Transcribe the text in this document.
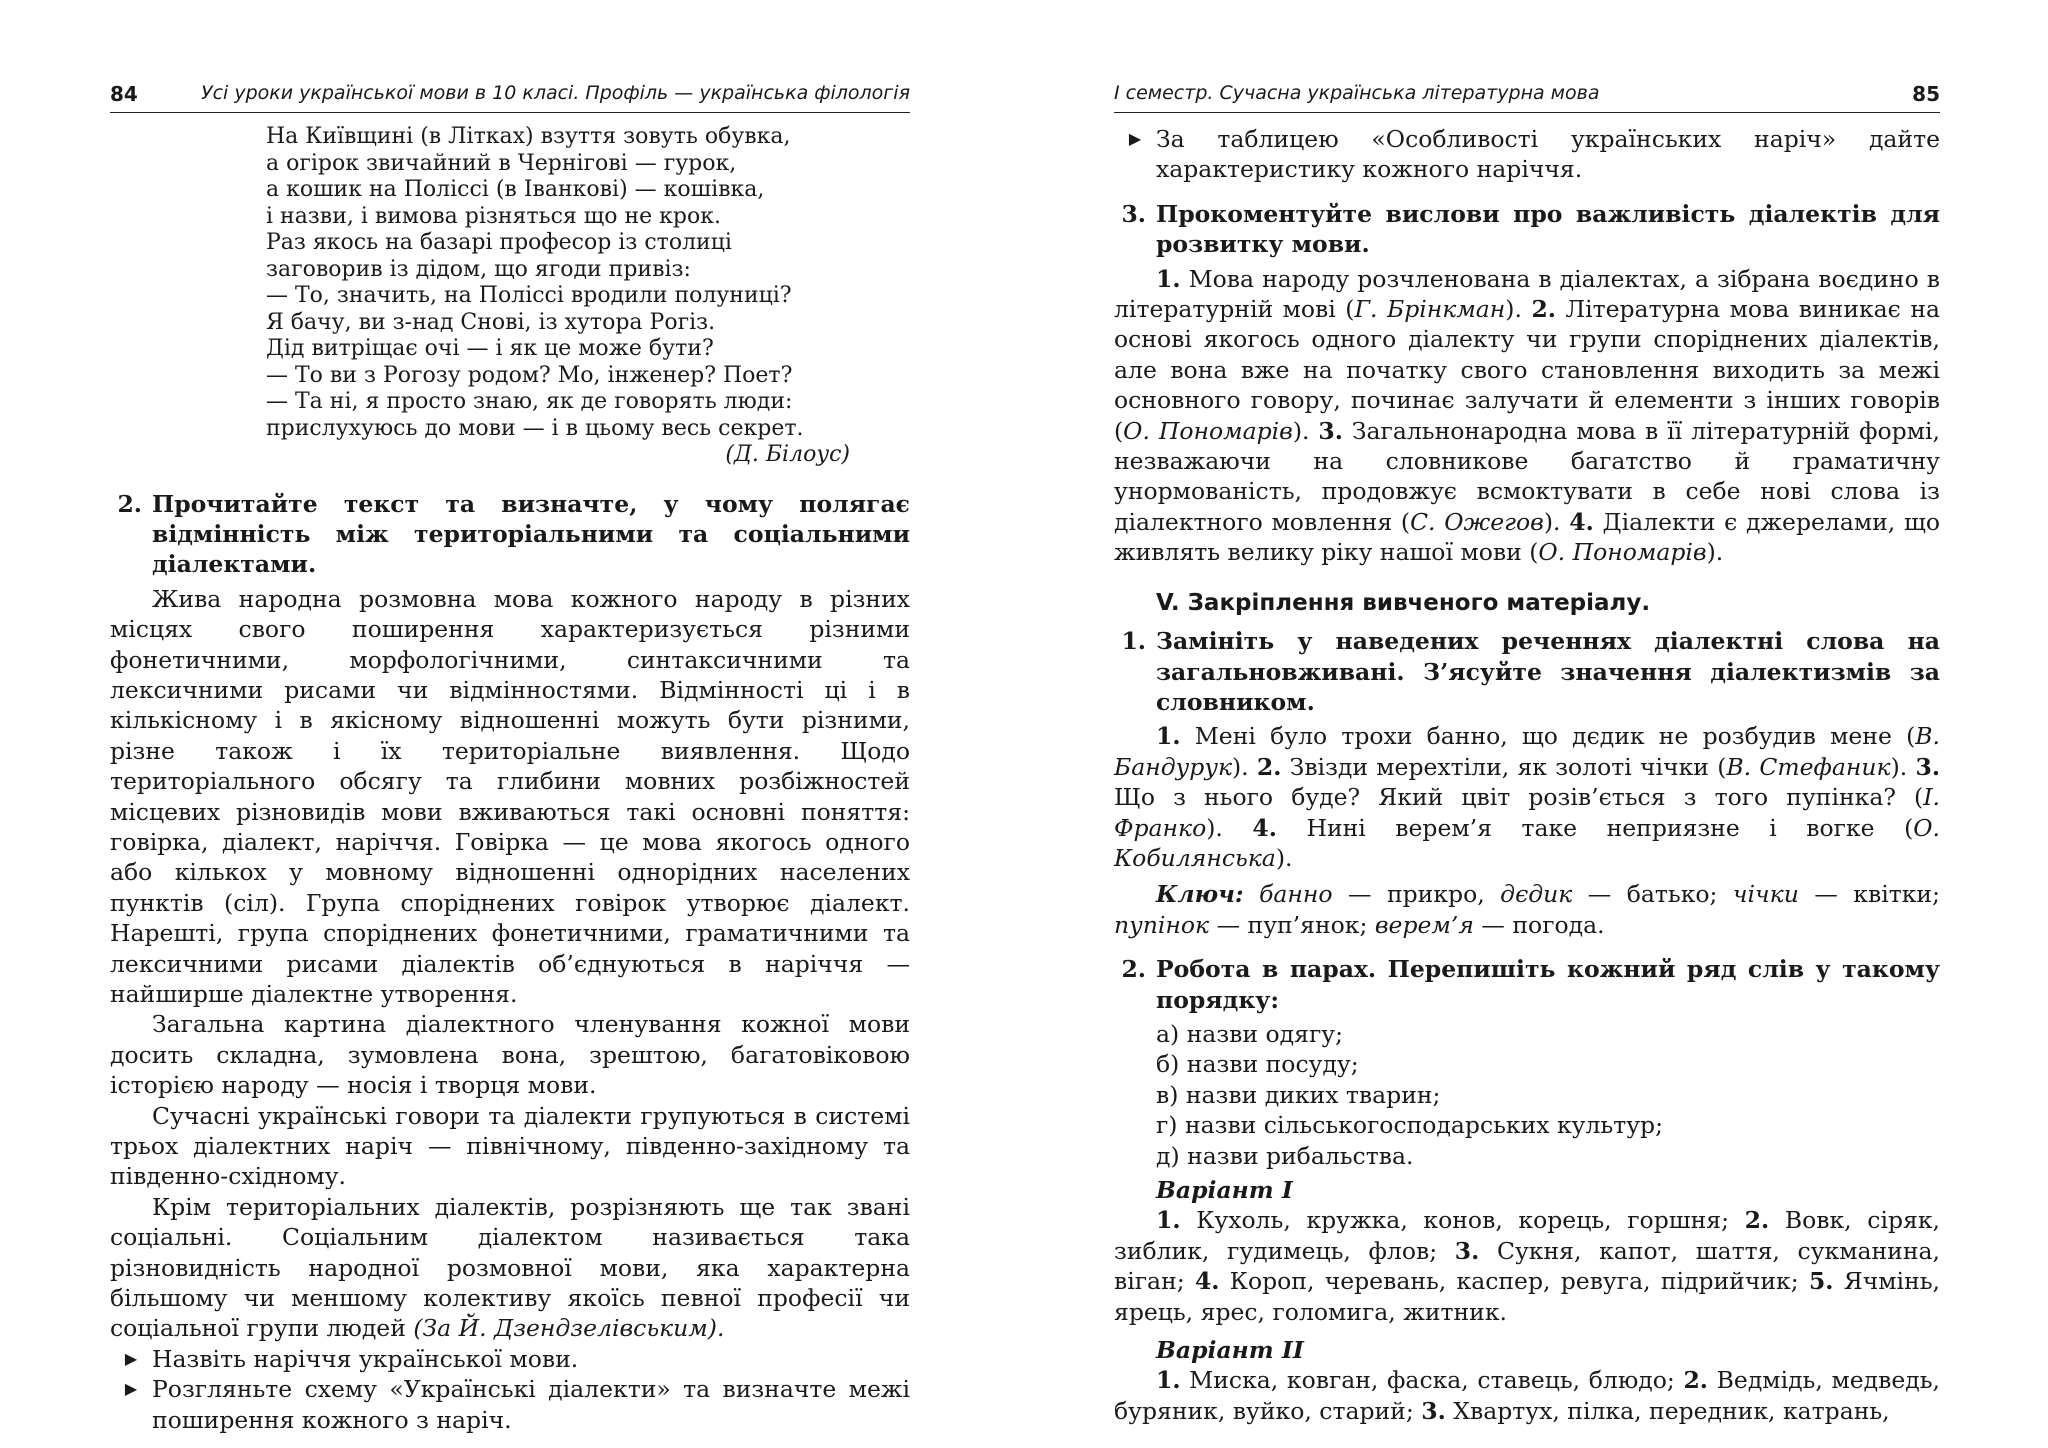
84	Усі уроки української мови в 10 класі. Профіль — українська філологія
На Київщині (в Літках) взуття зовуть обувка,
а огірок звичайний в Чернігові — гурок,
а кошик на Поліссі (в Іванкові) — кошівка,
і назви, і вимова різняться що не крок.
Раз якось на базарі професор із столиці
заговорив із дідом, що ягоди привіз:
— То, значить, на Поліссі вродили полуниці?
Я бачу, ви з-над Снові, із хутора Рогіз.
Дід витріщає очі — і як це може бути?
— То ви з Рогозу родом? Мо, інженер? Поет?
— Та ні, я просто знаю, як де говорять люди:
прислухуюсь до мови — і в цьому весь секрет.
(Д. Білоус)
2. Прочитайте текст та визначте, у чому полягає відмінність між територіальними та соціальними діалектами.

Жива народна розмовна мова кожного народу в різних місцях свого поширення характеризується різними фонетичними, морфологічними, синтаксичними та лексичними рисами чи відмінностями. Відмінності ці і в кількісному і в якісному відношенні можуть бути різними, різне також і їх територіальне виявлення. Щодо територіального обсягу та глибини мовних розбіжностей місцевих різновидів мови вживаються такі основні поняття: говірка, діалект, наріччя. Говірка — це мова якогось одного або кількох у мовному відношенні однорідних населених пунктів (сіл). Група споріднених говірок утворює діалект. Нарешті, група споріднених фонетичними, граматичними та лексичними рисами діалектів об’єднуються в наріччя — найширше діалектне утворення.

Загальна картина діалектного членування кожної мови досить складна, зумовлена вона, зрештою, багатовіковою історією народу — носія і творця мови.

Сучасні українські говори та діалекти групуються в системі трьох діалектних наріч — північному, південно-західному та південно-східному.

Крім територіальних діалектів, розрізняють ще так звані соціальні. Соціальним діалектом називається така різновидність народної розмовної мови, яка характерна більшому чи меншому колективу якоїсь певної професії чи соціальної групи людей (За Й. Дзендзелівським).

▶ Назвіть наріччя української мови.
▶ Розгляньте схему «Українські діалекти» та визначте межі поширення кожного з наріч.
І семестр. Сучасна українська літературна мова	85
▶ За таблицею «Особливості українських наріч» дайте характеристику кожного наріччя.
3. Прокоментуйте вислови про важливість діалектів для розвитку мови.

1. Мова народу розчленована в діалектах, а зібрана воєдино в літературній мові (Г. Брінкман). 2. Літературна мова виникає на основі якогось одного діалекту чи групи споріднених діалектів, але вона вже на початку свого становлення виходить за межі основного говору, починає залучати й елементи з інших говорів (О. Пономарів). 3. Загальнонародна мова в її літературній формі, незважаючи на словникове багатство й граматичну унормованість, продовжує всмоктувати в себе нові слова із діалектного мовлення (С. Ожегов). 4. Діалекти є джерелами, що живлять велику ріку нашої мови (О. Пономарів).

V. Закріплення вивченого матеріалу.
1. Замініть у наведених реченнях діалектні слова на загальновживані. З’ясуйте значення діалектизмів за словником.

1. Мені було трохи банно, що дєдик не розбудив мене (В. Бандурук). 2. Звізди мерехтіли, як золоті чічки (В. Стефаник). 3. Що з нього буде? Який цвіт розів’ється з того пупінка? (І. Франко). 4. Нині верем’я таке неприязне і вогке (О. Кобилянська).

Ключ: банно — прикро, дєдик — батько; чічки — квітки; пупінок — пуп’янок; верем’я — погода.

2. Робота в парах. Перепишіть кожний ряд слів у такому порядку:
а) назви одягу;
б) назви посуду;
в) назви диких тварин;
г) назви сільськогосподарських культур;
д) назви рибальства.
Варіант І

1. Кухоль, кружка, конов, корець, горшня; 2. Вовк, сіряк, зиблик, гудимець, флов; 3. Сукня, капот, шаття, сукманина, віган; 4. Короп, черевань, каспер, ревуга, підрийчик; 5. Ячмінь, ярець, ярес, голомига, житник.

Варіант ІІ

1. Миска, ковган, фаска, ставець, блюдо; 2. Ведмідь, медведь, буряник, вуйко, старий; 3. Хвартух, пілка, передник, катрань,
